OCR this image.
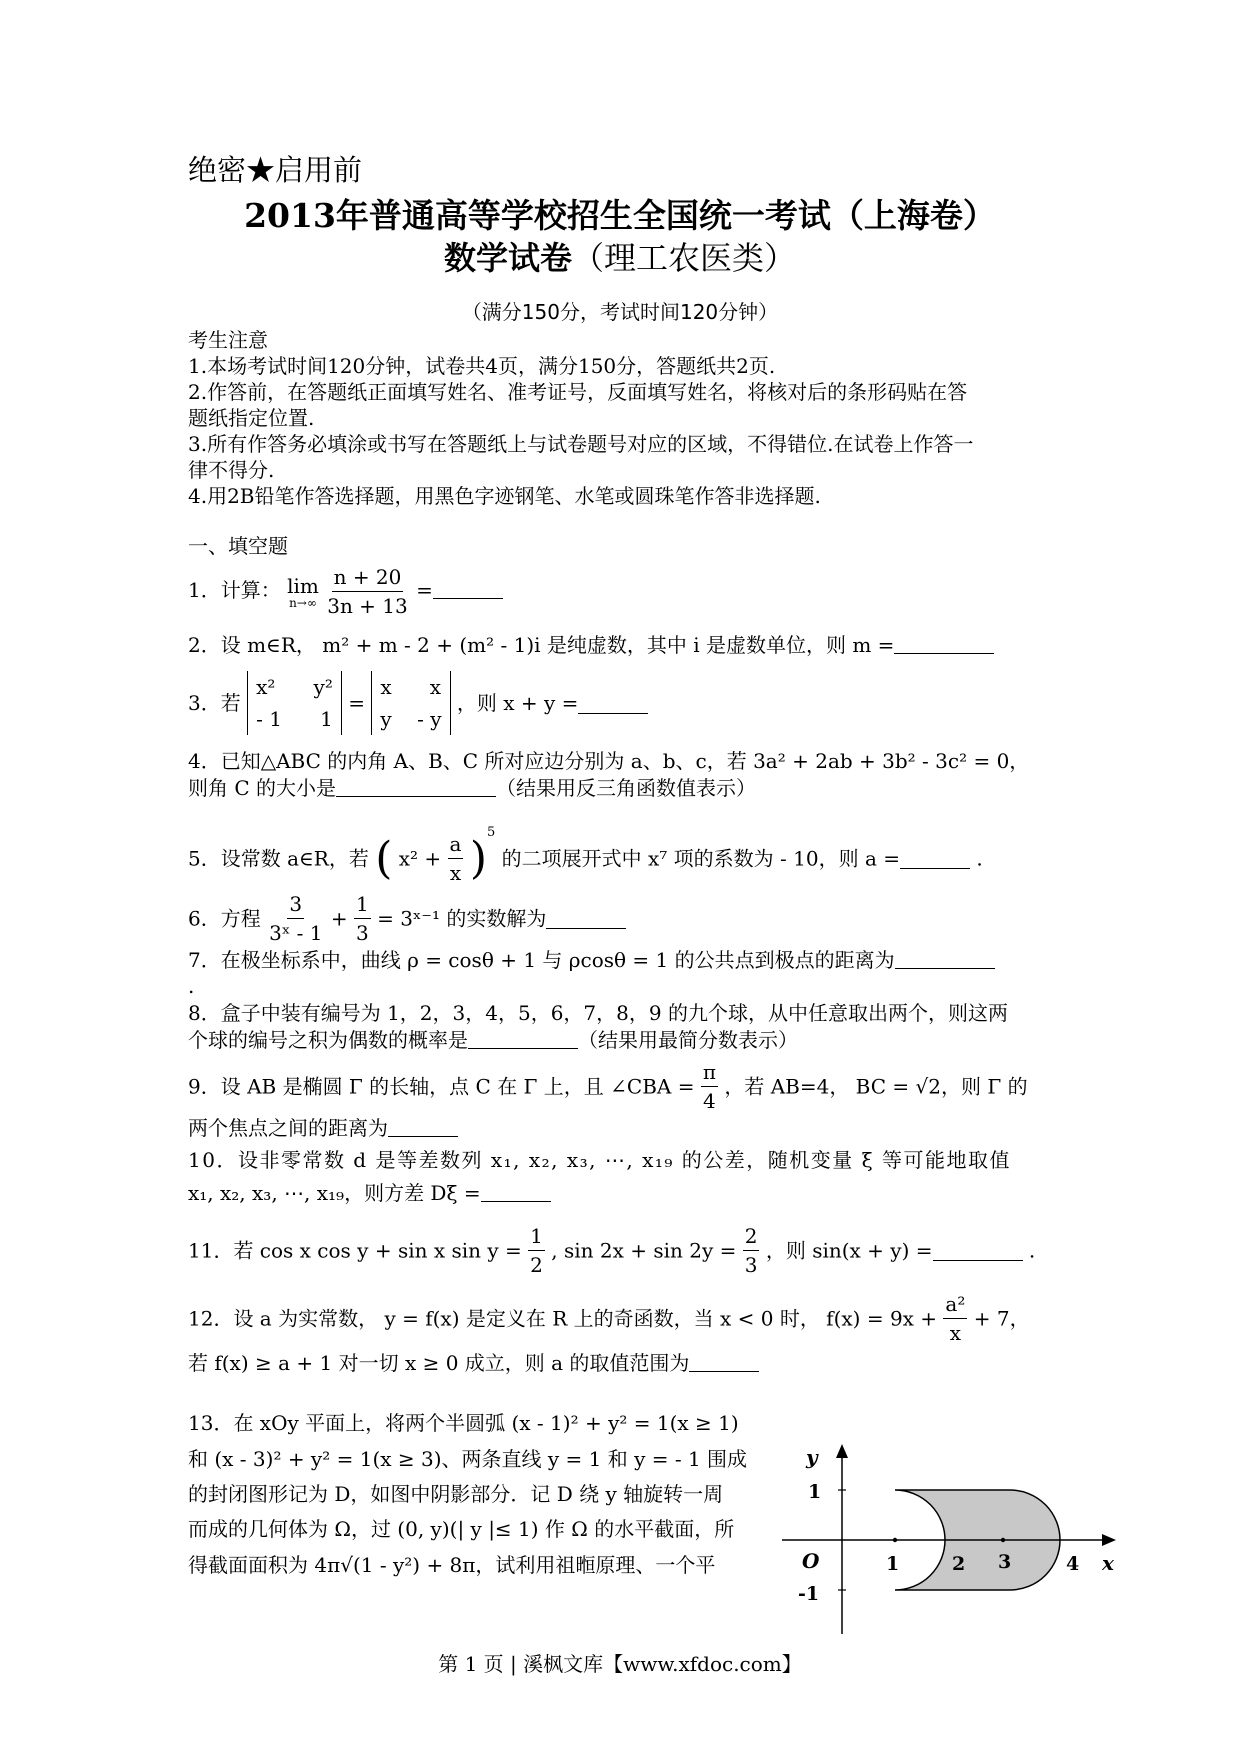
绝密★启用前
2013年普通高等学校招生全国统一考试（上海卷）
数学试卷（理工农医类）
（满分150分，考试时间120分钟）
考生注意
1.本场考试时间120分钟，试卷共4页，满分150分，答题纸共2页.
2.作答前，在答题纸正面填写姓名、准考证号，反面填写姓名，将核对后的条形码贴在答
题纸指定位置.
3.所有作答务必填涂或书写在答题纸上与试卷题号对应的区域，不得错位.在试卷上作答一
律不得分.
4.用2B铅笔作答选择题，用黑色字迹钢笔、水笔或圆珠笔作答非选择题.
一、填空题
1．计算： lim
n→∞
$\frac{n + 20}{3n + 13}$ =
2．设 m∈R， m² + m - 2 + (m² - 1)i 是纯虚数，其中 i 是虚数单位，则 m =
3．若
x²      y²
- 1      1
=
x      x
y    - y
，则 x + y =
4．已知△ABC 的内角 A、B、C 所对应边分别为 a、b、c，若 3a² + 2ab + 3b² - 3c² = 0，
则角 C 的大小是	（结果用反三角函数值表示）
5．设常数 a∈R，若 ( $x^2 + \frac{a}{x} )^5$ 的二项展开式中 x⁷ 项的系数为 - 10，则 a =	.
6．方程 $\frac{3}{\text{3ˣ - 1}} + \frac{1}{3}$ = 3ˣ⁻¹ 的实数解为
7．在极坐标系中，曲线 ρ = cosθ + 1 与 ρcosθ = 1 的公共点到极点的距离为
.
8．盒子中装有编号为 1，2，3，4，5，6，7，8，9 的九个球，从中任意取出两个，则这两
个球的编号之积为偶数的概率是	（结果用最简分数表示）
9．设 AB 是椭圆 Γ 的长轴，点 C 在 Γ 上，且 ∠CBA = $\frac{\pi}{4}$ ，若 AB=4， BC = √2，则 Γ 的
两个焦点之间的距离为
10．设非零常数 d 是等差数列 x₁, x₂, x₃, ⋯, x₁₉ 的公差，随机变量 ξ 等可能地取值
x₁, x₂, x₃, ⋯, x₁₉，则方差 Dξ =
11．若 cos x cos y + sin x $\sin y = \frac{1}{2}$ , $\sin 2x + \sin 2y = \frac{2}{3}$ ，则 sin(x + y) =	.
12．设 a 为实常数， y = f(x) 是定义在 R 上的奇函数，当 x < 0 时， $f(x) = 9x + \frac{\text{a²}}{x} + 7$，
若 f(x) ≥ a + 1 对一切 x ≥ 0 成立，则 a 的取值范围为
13．在 xOy 平面上，将两个半圆弧 (x - 1)² + y² = 1(x ≥ 1)
和 (x - 3)² + y² = 1(x ≥ 3)、两条直线 y = 1 和 y = - 1 围成
的封闭图形记为 D，如图中阴影部分．记 D 绕 y 轴旋转一周
而成的几何体为 Ω，过 (0, y)(| y |≤ 1) 作 Ω 的水平截面，所
得截面面积为 4π√(1 - y²) + 8π，试利用祖暅原理、一个平
y
x
O
1
-1
1	2 3	4
第 1 页 | 溪枫文库【www.xfdoc.com】
